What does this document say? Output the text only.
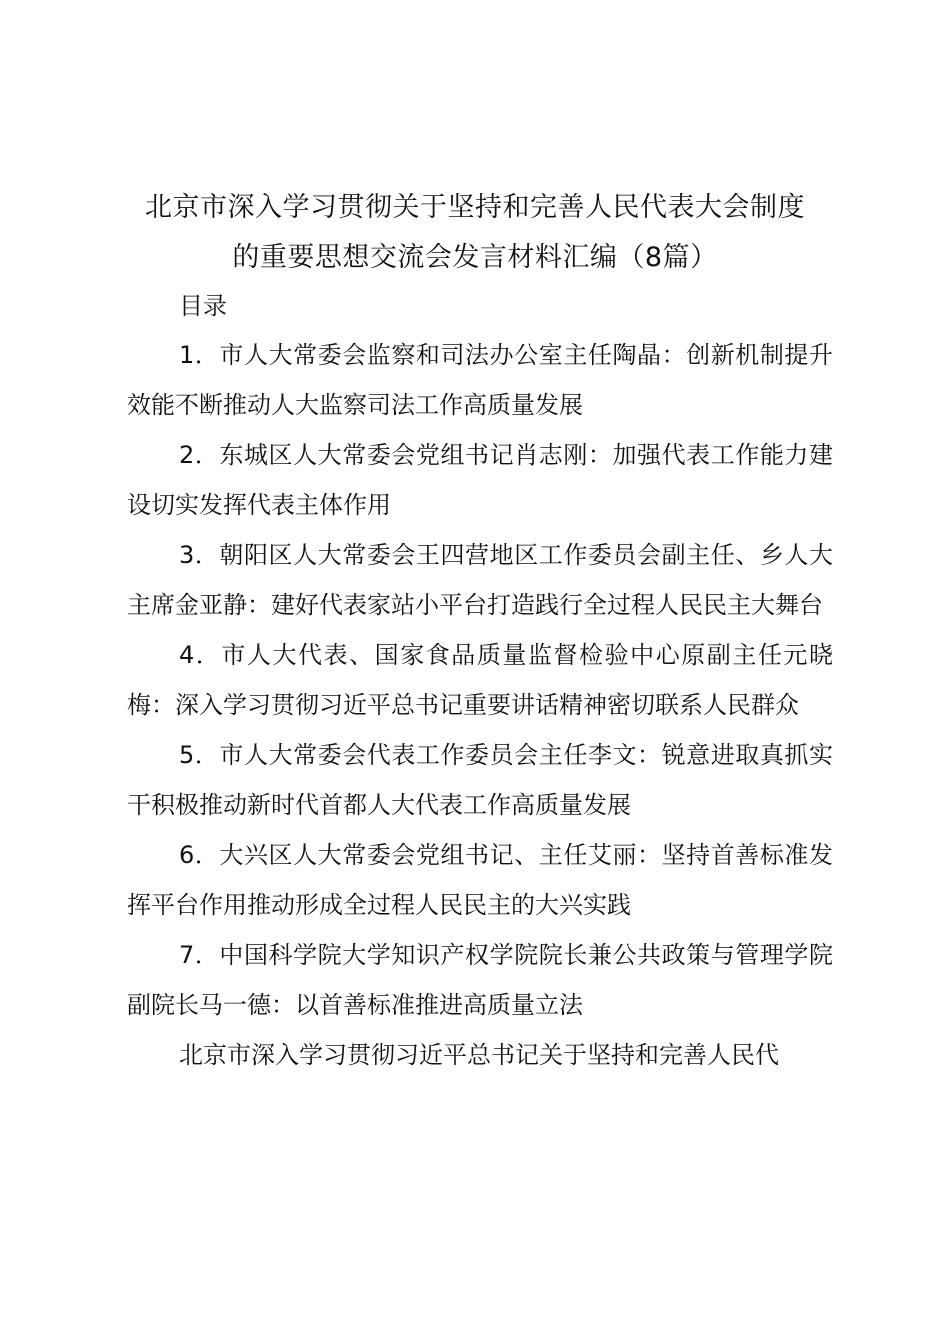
北京市深入学习贯彻关于坚持和完善人民代表大会制度
的重要思想交流会发言材料汇编（8篇）
目录

1．市人大常委会监察和司法办公室主任陶晶：创新机制提升效能不断推动人大监察司法工作高质量发展

2．东城区人大常委会党组书记肖志刚：加强代表工作能力建设切实发挥代表主体作用

3．朝阳区人大常委会王四营地区工作委员会副主任、乡人大主席金亚静：建好代表家站小平台打造践行全过程人民民主大舞台

4．市人大代表、国家食品质量监督检验中心原副主任元晓梅：深入学习贯彻习近平总书记重要讲话精神密切联系人民群众

5．市人大常委会代表工作委员会主任李文：锐意进取真抓实干积极推动新时代首都人大代表工作高质量发展

6．大兴区人大常委会党组书记、主任艾丽：坚持首善标准发挥平台作用推动形成全过程人民民主的大兴实践

7．中国科学院大学知识产权学院院长兼公共政策与管理学院副院长马一德：以首善标准推进高质量立法

北京市深入学习贯彻习近平总书记关于坚持和完善人民代
